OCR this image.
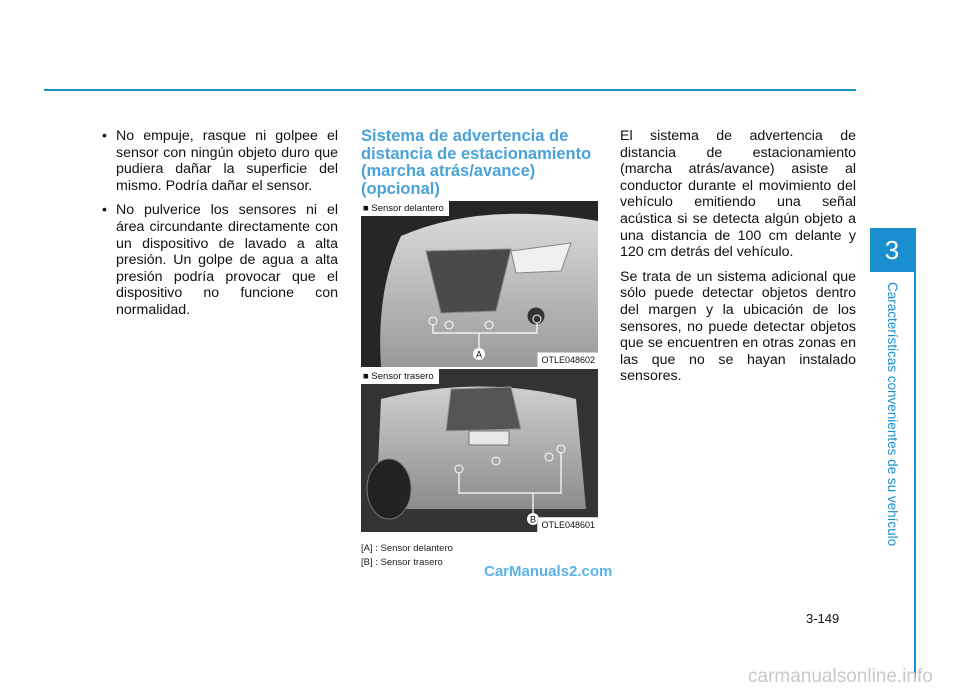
• No empuje, rasque ni golpee el sensor con ningún objeto duro que pudiera dañar la superficie del mismo. Podría dañar el sensor.
• No pulverice los sensores ni el área circundante directamente con un dispositivo de lavado a alta presión. Un golpe de agua a alta presión podría provocar que el dispositivo no funcione con normalidad.
Sistema de advertencia de distancia de estacionamiento (marcha atrás/avance) (opcional)
A
■ Sensor delantero
OTLE048602
B
■ Sensor trasero
OTLE048601
[A] : Sensor delantero
[B] : Sensor trasero
CarManuals2.com

El sistema de advertencia de distancia de estacionamiento (marcha atrás/avance) asiste al conductor durante el movimiento del vehículo emitiendo una señal acústica si se detecta algún objeto a una distancia de 100 cm delante y 120 cm detrás del vehículo.

Se trata de un sistema adicional que sólo puede detectar objetos dentro del margen y la ubicación de los sensores, no puede detectar objetos que se encuentren en otras zonas en las que no se hayan instalado sensores.

3-149
3
Características convenientes de su vehículo
carmanualsonline.info
